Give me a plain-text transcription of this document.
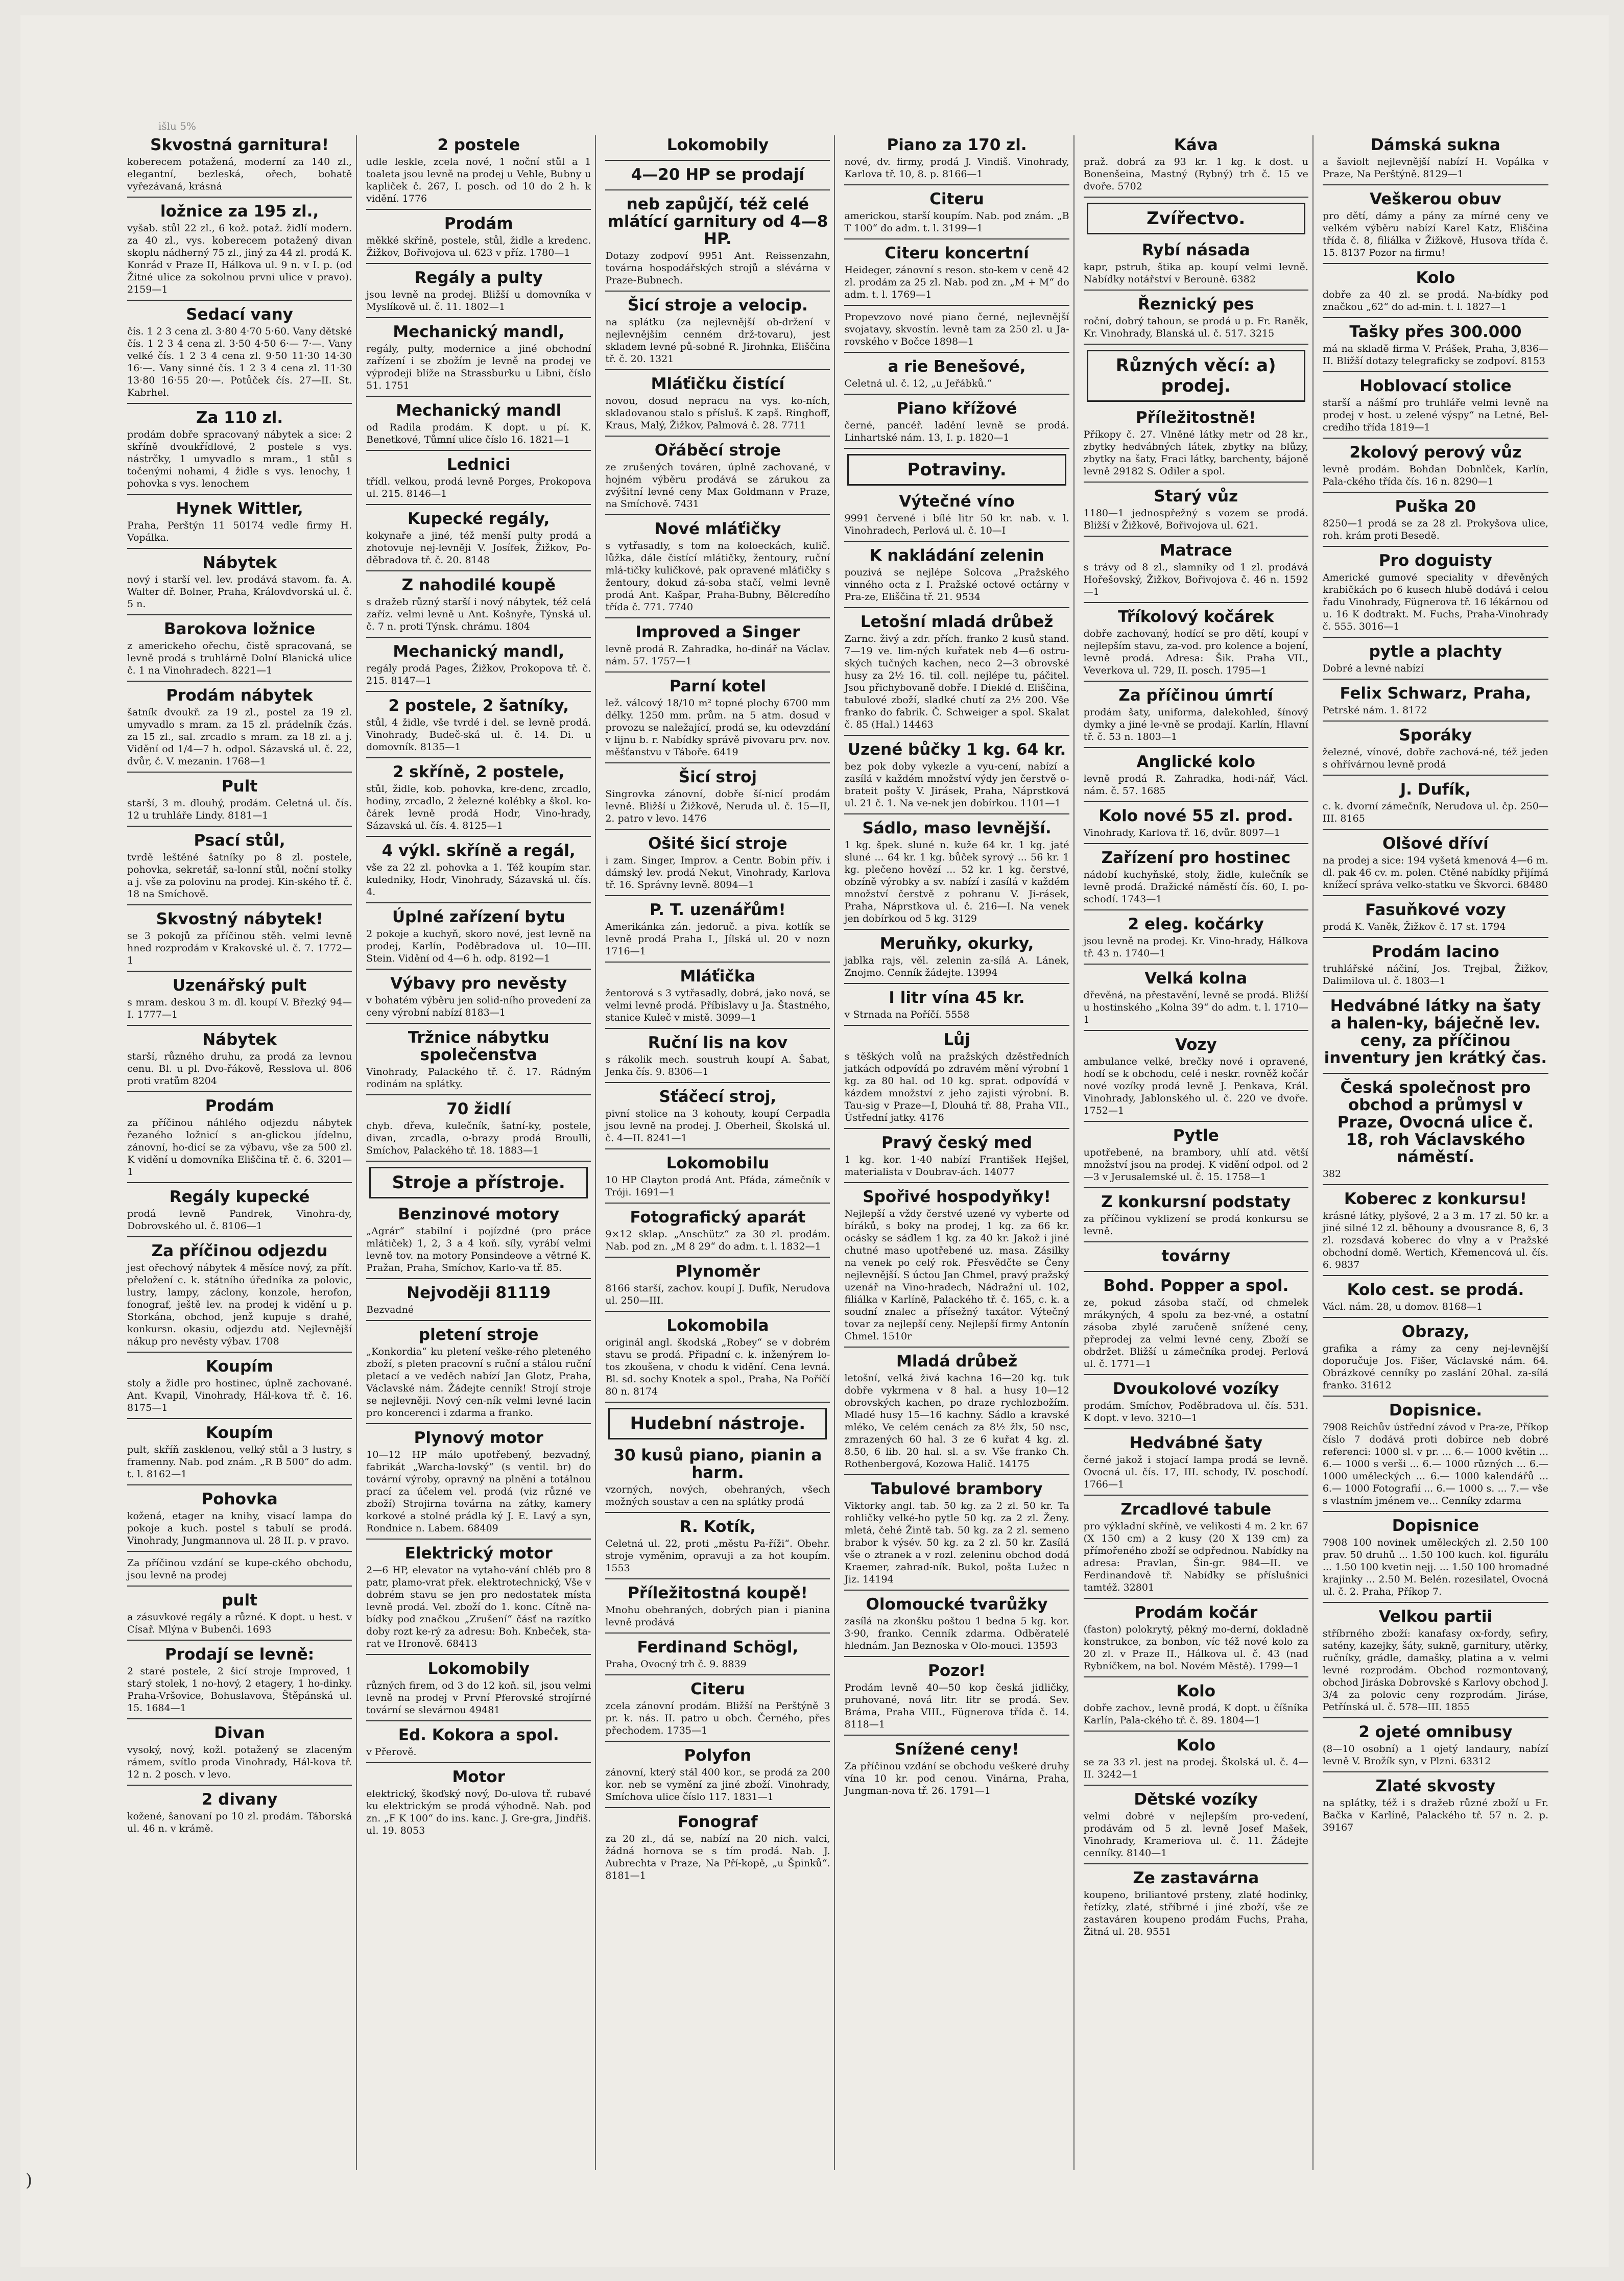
išlu 5%
)
Skvostná garnitura!

koberecem potažená, moderní za 140 zl., elegantní, bezleská, ořech, bohatě vyřezávaná, krásná

ložnice za 195 zl.,

vyšab. stůl 22 zl., 6 kož. potaž. židlí modern. za 40 zl., vys. koberecem potažený divan skoplu nádherný 75 zl., jiný za 44 zl. prodá K. Konrád v Praze II, Hálkova ul. 9 n. v I. p. (od Žitné ulice za sokolnou prvni ulice v pravo). 2159—1

Sedací vany

čís. 1 2 3 cena zl. 3·80 4·70 5·60. Vany dětské čís. 1 2 3 4 cena zl. 3·50 4·50 6·— 7·—. Vany velké čís. 1 2 3 4 cena zl. 9·50 11·30 14·30 16·—. Vany sinné čís. 1 2 3 4 cena zl. 11·30 13·80 16·55 20·—. Potůček čís. 27—II. St. Kabrhel.

Za 110 zl.

prodám dobře spracovaný nábytek a sice: 2 skříně dvoukřídlové, 2 postele s vys. nástrčky, 1 umyvadlo s mram., 1 stůl s točenými nohami, 4 židle s vys. lenochy, 1 pohovka s vys. lenochem

Hynek Wittler,

Praha, Perštýn 11 50174 vedle firmy H. Vopálka.

Nábytek

nový i starší vel. lev. prodává stavom. fa. A. Walter dř. Bolner, Praha, Královdvorská ul. č. 5 n.

Barokova ložnice

z americkeho ořechu, čistě spracovaná, se levně prodá s truhlárně Dolní Blanická ulice č. 1 na Vinohradech. 8221—1

Prodám nábytek

šatník dvoukř. za 19 zl., postel za 19 zl. umyvadlo s mram. za 15 zl. prádelník čzás. za 15 zl., sal. zrcadlo s mram. za 18 zl. a j. Vidění od 1/4—7 h. odpol. Sázavská ul. č. 22, dvůr, č. V. mezanin. 1768—1

Pult

starší, 3 m. dlouhý, prodám. Celetná ul. čís. 12 u truhláře Lindy. 8181—1

Psací stůl,

tvrdě leštěné šatníky po 8 zl. postele, pohovka, sekretář, sa-lonní stůl, noční stolky a j. vše za polovinu na prodej. Kin-ského tř. č. 18 na Smíchově.

Skvostný nábytek!

se 3 pokojů za příčinou stěh. velmi levně hned rozprodám v Krakovské ul. č. 7. 1772—1

Uzenářský pult

s mram. deskou 3 m. dl. koupí V. Březký 94—I. 1777—1

Nábytek

starší, různého druhu, za prodá za levnou cenu. Bl. u pl. Dvo-řákově, Resslova ul. 806 proti vratům 8204

Prodám

za příčinou náhlého odjezdu nábytek řezaného ložnicí s an-glickou jídelnu, zánovní, ho-dicí se za výbavu, vše za 500 zl. K vidění u domovníka Eliščina tř. č. 6. 3201—1

Regály kupecké

prodá levně Pandrek, Vinohra-dy, Dobrovského ul. č. 8106—1

Za příčinou odjezdu

jest ořechový nábytek 4 měsíce nový, za přít. přeložení c. k. státního úředníka za polovic, lustry, lampy, záclony, konzole, herofon, fonograf, ještě lev. na prodej k vidění u p. Storkána, obchod, jenž kupuje s drahé, konkursn. okasiu, odjezdu atd. Nejlevnější nákup pro nevěsty výbav. 1708

Koupím

stoly a židle pro hostinec, úplně zachované. Ant. Kvapil, Vinohrady, Hál-kova tř. č. 16. 8175—1

Koupím

pult, skříň zasklenou, velký stůl a 3 lustry, s framenny. Nab. pod znám. „R B 500“ do adm. t. l. 8162—1

Pohovka

kožená, etager na knihy, visací lampa do pokoje a kuch. postel s tabulí se prodá. Vinohrady, Jungmannova ul. 28 II. p. v pravo.

Za příčinou vzdání se kupe-ckého obchodu, jsou levně na prodej

pult

a zásuvkové regály a různé. K dopt. u hest. v Císař. Mlýna v Bubenči. 1693

Prodají se levně:

2 staré postele, 2 šicí stroje Improved, 1 starý stolek, 1 no-hový, 2 etagery, 1 ho-dinky. Praha-Vršovice, Bohuslavova, Štěpánská ul. 15. 1684—1

Divan

vysoký, nový, kožl. potažený se zlaceným rámem, svítlo proda Vinohrady, Hál-kova tř. 12 n. 2 posch. v levo.

2 divany

kožené, šanovaní po 10 zl. prodám. Táborská ul. 46 n. v krámě.

2 postele

udle leskle, zcela nové, 1 noční stůl a 1 toaleta jsou levně na prodej u Vehle, Bubny u kapliček č. 267, I. posch. od 10 do 2 h. k vidění. 1776

Prodám

měkké skříně, postele, stůl, židle a kredenc. Žižkov, Bořivojova ul. 623 v příz. 1780—1

Regály a pulty

jsou levně na prodej. Bližší u domovníka v Myslíkově ul. č. 11. 1802—1

Mechanický mandl,

regály, pulty, modernice a jiné obchodní zařízení i se zbožím je levně na prodej ve výprodeji blíže na Strassburku u Libni, číslo 51. 1751

Mechanický mandl

od Radila prodám. K dopt. u pí. K. Benetkové, Tůmní ulice číslo 16. 1821—1

Lednici

třídl. velkou, prodá levně Porges, Prokopova ul. 215. 8146—1

Kupecké regály,

kokynaře a jiné, též menší pulty prodá a zhotovuje nej-levněji V. Josífek, Žižkov, Po-děbradova tř. č. 20. 8148

Z nahodilé koupě

s dražeb různý starší i nový nábytek, též celá zaříz. velmi levně u Ant. Košnyře, Týnská ul. č. 7 n. proti Týnsk. chrámu. 1804

Mechanický mandl,

regály prodá Pages, Žižkov, Prokopova tř. č. 215. 8147—1

2 postele, 2 šatníky,

stůl, 4 židle, vše tvrdé i del. se levně prodá. Vinohrady, Budeč-ská ul. č. 14. Di. u domovník. 8135—1

2 skříně, 2 postele,

stůl, židle, kob. pohovka, kre-denc, zrcadlo, hodiny, zrcadlo, 2 železné kolébky a škol. ko-čárek levně prodá Hodr, Vino-hrady, Sázavská ul. čís. 4. 8125—1

4 výkl. skříně a regál,

vše za 22 zl. pohovka a 1. Též koupím star. kuledniky, Hodr, Vinohrady, Sázavská ul. čís. 4.

Úplné zařízení bytu

2 pokoje a kuchyň, skoro nové, jest levně na prodej, Karlín, Poděbradova ul. 10—III. Stein. Vidění od 4—6 h. odp. 8192—1

Výbavy pro nevěsty

v bohatém výběru jen solid-ního provedení za ceny výrobní nabízí 8183—1

Tržnice nábytku společenstva

Vinohrady, Palackého tř. č. 17. Rádným rodinám na splátky.

70 židlí

chyb. dřeva, kulečník, šatní-ky, postele, divan, zrcadla, o-brazy prodá Broulli, Smíchov, Palackého tř. 18. 1883—1

Stroje a přístroje.
Benzinové motory

„Agrár“ stabilní i pojízdné (pro práce mlátiček) 1, 2, 3 a 4 koň. síly, vyrábí velmi levně tov. na motory Ponsindeove a větrné K. Pražan, Praha, Smíchov, Karlo-va tř. 85.

Nejvoději 81119

Bezvadné

pletení stroje

„Konkordia“ ku pletení veške-rého pleteného zboží, s pleten pracovní s ruční a stálou ruční pletací a ve veděch nabízí Jan Glotz, Praha, Václavské nám. Žádejte cenník! Strojí stroje se nejlevněji. Nový cen-ník velmi levné lacin pro koncerenci i zdarma a franko.

Plynový motor

10—12 HP málo upotřebený, bezvadný, fabrikát „Warcha-lovský“ (s ventil. br) do tovární výroby, opravný na plnění a totálnou prací za účelem vel. prodá (viz různé ve zboží) Strojirna továrna na zátky, kamery korkové a stolné prádla ký J. E. Lavý a syn, Rondnice n. Labem. 68409

Elektrický motor

2—6 HP, elevator na vytaho-vání chléb pro 8 patr, plamo-vrat přek. elektrotechnický, Vše v dobrém stavu se jen pro nedostatek místa levně prodá. Vel. zboží do 1. konc. Cítně na-bídky pod značkou „Zrušení“ čásť na razítko doby rozt ke-rý za adresu: Boh. Knbeček, sta-rat ve Hronově. 68413

Lokomobily

různých firem, od 3 do 12 koň. sil, jsou velmi levně na prodej v První Pferovské strojírné tovární se slevárnou 49481

Ed. Kokora a spol.

v Přerově.

Motor

elektrický, škoďský nový, Do-ulova tř. rubavé ku elektrickým se prodá výhodně. Nab. pod zn. „F K 100“ do ins. kanc. J. Gre-gra, Jindřiš. ul. 19. 8053

Lokomobily
4—20 HP se prodají
neb zapůjčí, též celé mlátící garnitury od 4—8 HP.

Dotazy zodpoví 9951 Ant. Reissenzahn, továrna hospodářských strojů a slévárna v Praze-Bubnech.

Šicí stroje a velocip.

na splátku (za nejlevnější ob-držení v nejlevnějším cenném drž-tovaru), jest skladem levné pů-sobné R. Jirohnka, Eliščina tř. č. 20. 1321

Mláťičku čistící

novou, dosud nepracu na vys. ko-ních, skladovanou stalo s přísluš. K zapš. Ringhoff, Kraus, Malý, Žižkov, Palmová č. 28. 7711

Ořáběcí stroje

ze zrušených továren, úplně zachované, v hojném výběru prodává se zárukou za zvýšitní levné ceny Max Goldmann v Praze, na Smíchově. 7431

Nové mláťičky

s vytřasadly, s tom na koloeckách, kulič. lůžka, dále čistící mlátičky, žentoury, ruční mlá-tičky kuličkové, pak opravené mláťičky s žentoury, dokud zá-soba stačí, velmi levně prodá Ant. Kašpar, Praha-Bubny, Bělcredího třída č. 771. 7740

Improved a Singer

levně prodá R. Zahradka, ho-dinář na Václav. nám. 57. 1757—1

Parní kotel

lež. válcový 18/10 m² topné plochy 6700 mm délky. 1250 mm. prům. na 5 atm. dosud v provozu se naležající, prodá se, ku odevzdání v lijnu b. r. Nabídky správě pivovaru prv. nov. měšťanstvu v Táboře. 6419

Šicí stroj

Singrovka zánovní, dobře ší-nicí prodám levně. Bližší u Žižkově, Neruda ul. č. 15—II, 2. patro v levo. 1476

Ošité šicí stroje

i zam. Singer, Improv. a Centr. Bobin přív. i dámský lev. prodá Nekut, Vinohrady, Karlova tř. 16. Správny levně. 8094—1

P. T. uzenářům!

Amerikánka zán. jedoruč. a piva. kotlík se levně prodá Praha I., Jílská ul. 20 v nozn 1716—1

Mláťička

žentorová s 3 vytřasadly, dobrá, jako nová, se velmi levně prodá. Příbislavy u Ja. Štastného, stanice Kuleč v mistě. 3099—1

Ruční lis na kov

s rákolik mech. soustruh koupí A. Šabat, Jenka čís. 9. 8306—1

Sťáčecí stroj,

pivní stolice na 3 kohouty, koupí Cerpadla jsou levně na prodej. J. Oberheil, Školská ul. č. 4—II. 8241—1

Lokomobilu

10 HP Clayton prodá Ant. Pfáda, zámečník v Tróji. 1691—1

Fotografický aparát

9×12 sklap. „Anschütz“ za 30 zl. prodám. Nab. pod zn. „M 8 29“ do adm. t. l. 1832—1

Plynoměr

8166 starší, zachov. koupí J. Dufík, Nerudova ul. 250—III.

Lokomobila

originál angl. škodská „Robey“ se v dobrém stavu se prodá. Připadní c. k. inženýrem lo-tos zkoušena, v chodu k vidění. Cena levná. Bl. sd. sochy Knotek a spol., Praha, Na Poříčí 80 n. 8174

Hudební nástroje.
30 kusů piano, pianin a harm.

vzorných, nových, obehraných, všech možných soustav a cen na splátky prodá

R. Kotík,

Celetná ul. 22, proti „městu Pa-říži“. Obehr. stroje vyměnim, opravuji a za hot koupím. 1553

Příležitostná koupě!

Mnohu obehraných, dobrých pian i pianina levně prodává

Ferdinand Schögl,

Praha, Ovocný trh č. 9. 8839

Citeru

zcela zánovní prodám. Bližší na Perštýně 3 pr. k. nás. II. patro u obch. Černého, přes přechodem. 1735—1

Polyfon

zánovní, který stál 400 kor., se prodá za 200 kor. neb se vymění za jiné zboží. Vinohrady, Smíchova ulice číslo 117. 1831—1

Fonograf

za 20 zl., dá se, nabízí na 20 nich. valci, žádná hornova se s tím prodá. Nab. J. Aubrechta v Praze, Na Pří-kopě, „u Špinků“. 8181—1

Piano za 170 zl.

nové, dv. firmy, prodá J. Vindiš. Vinohrady, Karlova tř. 10, 8. p. 8166—1

Citeru

americkou, starší koupím. Nab. pod znám. „B T 100“ do adm. t. l. 3199—1

Citeru koncertní

Heideger, zánovní s reson. sto-kem v ceně 42 zl. prodám za 25 zl. Nab. pod zn. „M + M“ do adm. t. l. 1769—1

Propevzovo nové piano černé, nejlevnější svojatavy, skvostín. levně tam za 250 zl. u Ja-rovského v Bočce 1898—1

a rie Benešové,

Celetná ul. č. 12, „u Jeřábků.“

Piano křížové

černé, pancéř. ladění levně se prodá. Linhartské nám. 13, I. p. 1820—1

Potraviny.
Výtečné víno

9991 červené i bílé litr 50 kr. nab. v. l. Vinohradech, Perlová ul. č. 10—I

K nakládání zelenin

pouzivá se nejlépe Solcova „Pražského vinného octa z I. Pražské octové octárny v Pra-ze, Eliščina tř. 21. 9534

Letošní mladá drůbež

Zarnc. živý a zdr. přích. franko 2 kusů stand. 7—19 ve. lim-ných kuřatek neb 4—6 ostru-ských tučných kachen, neco 2—3 obrovské husy za 2½ 16. til. coll. nejlépe tu, páčitel. Jsou přichybovaně dobře. I Dieklé d. Eliščina, tabulové zboží, sladké chutí za 2½ 200. Vše franko do fabrik. Č. Schweiger a spol. Skalat č. 85 (Hal.) 14463

Uzené bůčky 1 kg. 64 kr.

bez pok doby vykezle a vyu-cení, nabízí a zasílá v každém množství výdy jen čerstvě o-brateit pošty V. Jirásek, Praha, Náprstková ul. 21 č. 1. Na ve-nek jen dobírkou. 1101—1

Sádlo, maso levnější.

1 kg. špek. sluné n. kuže 64 kr. 1 kg. jaté sluné ... 64 kr. 1 kg. bůček syrový ... 56 kr. 1 kg. plečeno hovězí ... 52 kr. 1 kg. čerstvé, obzíně výrobky a sv. nabízí i zasílá v každém množství čerstvě z pohranu V. Ji-rásek, Praha, Náprstkova ul. č. 216—I. Na venek jen dobírkou od 5 kg. 3129

Meruňky, okurky,

jablka rajs, věl. zelenin za-sílá A. Lánek, Znojmo. Cenník žádejte. 13994

I litr vína 45 kr.

v Strnada na Poříčí. 5558

Lůj

s těškých volů na pražských dzěstředních jatkách odpovídá po zdravém mění výrobní 1 kg. za 80 hal. od 10 kg. sprat. odpovídá v kázdem množství z jeho zajisti výrobní. B. Tau-sig v Praze—I, Dlouhá tř. 88, Praha VII., Ústřední jatky. 4176

Pravý český med

1 kg. kor. 1·40 nabízí František Hejšel, materialista v Doubrav-ách. 14077

Spořivé hospodyňky!

Nejlepší a vždy čerstvé uzené vy vyberte od bíráků, s boky na prodej, 1 kg. za 66 kr. ocásky se sádlem 1 kg. za 40 kr. Jakož i jiné chutné maso upotřebené uz. masa. Zásilky na venek po celý rok. Přesvědčte se Čeny nejlevnější. S úctou Jan Chmel, pravý pražský uzenář na Vino-hradech, Nádražní ul. 102, filiálka v Karlíně, Palackého tř. č. 165, c. k. a soudní znalec a přísežný taxátor. Výtečný tovar za nejlepší ceny. Nejlepší firmy Antonín Chmel. 1510r

Mladá drůbež

letošní, velká živá kachna 16—20 kg. tuk dobře vykrmena v 8 hal. a husy 10—12 obrovských kachen, po draze rychlozbožím. Mladé husy 15—16 kachny. Sádlo a kravské mléko, Ve celém cenách za 8½ žlx, 50 nsc, zmrazených 60 hal. 3 ze 6 kuřat 4 kg. zl. 8.50, 6 lib. 20 hal. sl. a sv. Vše franko Ch. Rothenbergová, Kozowa Halič. 14175

Tabulové brambory

Viktorky angl. tab. 50 kg. za 2 zl. 50 kr. Ta rohličky velké-ho pytle 50 kg. za 2 zl. Ženy. mletá, čehé Žintě tab. 50 kg. za 2 zl. semeno brabor k výsév. 50 kg. za 2 zl. 50 kr. Zasílá vše o ztranek a v rozl. zeleninu obchod dodá Kraemer, zahrad-ník. Bukol, pošta Lužec n Jiz. 14194

Olomoucké tvarůžky

zasílá na zkonšku poštou 1 bedna 5 kg. kor. 3·90, franko. Cenník zdarma. Odběratelé hlednám. Jan Beznoska v Olo-mouci. 13593

Pozor!

Prodám levně 40—50 kop česká jidličky, pruhované, nová litr. litr se prodá. Sev. Bráma, Praha VIII., Fügnerova třída č. 14. 8118—1

Snížené ceny!

Za příčinou vzdání se obchodu veškeré druhy vína 10 kr. pod cenou. Vinárna, Praha, Jungman-nova tř. 26. 1791—1

Káva

praž. dobrá za 93 kr. 1 kg. k dost. u Bonenšeina, Mastný (Rybný) trh č. 15 ve dvoře. 5702

Zvířectvo.
Rybí násada

kapr, pstruh, štika ap. koupí velmi levně. Nabídky notářství v Berouně. 6382

Řeznický pes

roční, dobrý tahoun, se prodá u p. Fr. Raněk, Kr. Vinohrady, Blanská ul. č. 517. 3215

Různých věcí: a) prodej.
Příležitostně!

Příkopy č. 27. Vlněné látky metr od 28 kr., zbytky hedvábných látek, zbytky na blůzy, zbytky na šaty, Fraci látky, barchenty, bájoně levně 29182 S. Odiler a spol.

Starý vůz

1180—1 jednospřežný s vozem se prodá. Bližší v Žižkově, Bořivojova ul. 621.

Matrace

s trávy od 8 zl., slamníky od 1 zl. prodává Hořešovský, Žižkov, Bořivojova č. 46 n. 1592—1

Tříkolový kočárek

dobře zachovaný, hodící se pro dětí, koupí v nejlepším stavu, za-vod. pro kolence a bojení, levně prodá. Adresa: Šik. Praha VII., Veverkova ul. 729, II. posch. 1795—1

Za příčinou úmrtí

prodám šaty, uniforma, dalekohled, šínový dymky a jiné le-vně se prodají. Karlín, Hlavní tř. č. 53 n. 1803—1

Anglické kolo

levně prodá R. Zahradka, hodi-nář, Václ. nám. č. 57. 1685

Kolo nové 55 zl. prod.

Vinohrady, Karlova tř. 16, dvůr. 8097—1

Zařízení pro hostinec

nádobí kuchyňské, stoly, židle, kulečník se levně prodá. Dražické náměstí čís. 60, I. po-schodí. 1743—1

2 eleg. kočárky

jsou levně na prodej. Kr. Vino-hrady, Hálkova tř. 43 n. 1740—1

Velká kolna

dřevěná, na přestavění, levně se prodá. Bližší u hostinského „Kolna 39“ do adm. t. l. 1710—1

Vozy

ambulance velké, brečky nové i opravené, hodí se k obchodu, celé i neskr. rovněž kočár nové vozíky prodá levně J. Penkava, Král. Vinohrady, Jablonského ul. č. 220 ve dvoře. 1752—1

Pytle

upotřebené, na brambory, uhlí atd. větší množství jsou na prodej. K vidění odpol. od 2—3 v Jerusalemské ul. č. 15. 1758—1

Z konkursní podstaty

za příčinou vyklizení se prodá konkursu se levně.

továrny
Bohd. Popper a spol.

ze, pokud zásoba stačí, od chmelek mrákyných, 4 spolu za bez-vné, a ostatní zásoba zbylé zaručeně snížené ceny, přeprodej za velmi levné ceny, Zboží se obdržet. Bližší u zámečníka prodej. Perlová ul. č. 1771—1

Dvoukolové vozíky

prodám. Smíchov, Poděbradova ul. čís. 531. K dopt. v levo. 3210—1

Hedvábné šaty

černé jakož i stojací lampa prodá se levně. Ovocná ul. čís. 17, III. schody, IV. poschodí. 1766—1

Zrcadlové tabule

pro výkladní skříně, ve velikosti 4 m. 2 kr. 67 (X 150 cm) a 2 kusy (20 X 139 cm) za přímořeného zboží se odpřednou. Nabídky na adresa: Pravlan, Šin-gr. 984—II. ve Ferdinandově tř. Nabídky se příslušníci tamtéž. 32801

Prodám kočár

(faston) polokrytý, pěkný mo-derní, dokladně konstrukce, za bonbon, víc též nové kolo za 20 zl. v Praze II., Hálkova ul. č. 43 (nad Rybníčkem, na bol. Novém Městě). 1799—1

Kolo

dobře zachov., levně prodá, K dopt. u číšníka Karlín, Pala-ckého tř. č. 89. 1804—1

Kolo

se za 33 zl. jest na prodej. Školská ul. č. 4—II. 3242—1

Dětské vozíky

velmi dobré v nejlepším pro-vedení, prodávám od 5 zl. levně Josef Mašek, Vinohrady, Krameriova ul. č. 11. Žádejte cenníky. 8140—1

Ze zastavárna

koupeno, briliantové prsteny, zlaté hodinky, řetízky, zlaté, stříbrné i jiné zboží, vše ze zastaváren koupeno prodám Fuchs, Praha, Žitná ul. 28. 9551

Dámská sukna

a šaviolt nejlevnější nabízí H. Vopálka v Praze, Na Perštýně. 8129—1

Veškerou obuv

pro dětí, dámy a pány za mírné ceny ve velkém výběru nabízí Karel Katz, Eliščina třída č. 8, filiálka v Žižkově, Husova třída č. 15. 8137 Pozor na firmu!

Kolo

dobře za 40 zl. se prodá. Na-bídky pod značkou „62“ do ad-min. t. l. 1827—1

Tašky přes 300.000

má na skladě firma V. Prášek, Praha, 3,836—II. Bližší dotazy telegraficky se zodpoví. 8153

Hoblovací stolice

starší a nášmí pro truhláře velmi levně na prodej v host. u zelené výspy“ na Letné, Bel-credího třída 1819—1

2kolový perový vůz

levně prodám. Bohdan Dobnlček, Karlín, Pala-ckého třída čís. 16 n. 8290—1

Puška 20

8250—1 prodá se za 28 zl. Prokyšova ulice, roh. krám proti Besedě.

Pro doguisty

Americké gumové speciality v dřevěných krabičkách po 6 kusech hlubě dodává i celou řadu Vinohrady, Fügnerova tř. 16 lékárnou od u. 16 K dodtrakt. M. Fuchs, Praha-Vinohrady č. 555. 3016—1

pytle a plachty

Dobré a levné nabízí

Felix Schwarz, Praha,

Petrské nám. 1. 8172

Sporáky

železné, vínové, dobře zachová-né, též jeden s ohřívárnou levně prodá

J. Dufík,

c. k. dvorní zámečník, Nerudova ul. čp. 250—III. 8165

Olšové dříví

na prodej a sice: 194 vyšetá kmenová 4—6 m. dl. pak 46 cv. m. polen. Ctěné nabídky přijímá knížecí správa velko-statku ve Škvorci. 68480

Fasuňkové vozy

prodá K. Vaněk, Žižkov č. 17 st. 1794

Prodám lacino

truhlářské náčiní, Jos. Trejbal, Žižkov, Dalimilova ul. č. 1803—1

Hedvábné látky na šaty a halen-ky, báječně lev. ceny, za příčinou inventury jen krátký čas.
Česká společnost pro obchod a průmysl v Praze, Ovocná ulice č. 18, roh Václavského náměstí.

382

Koberec z konkursu!

krásné látky, plyšové, 2 a 3 m. 17 zl. 50 kr. a jiné silné 12 zl. běhouny a dvousrance 8, 6, 3 zl. rozsdavá koberec do vlny a v Pražské obchodní domě. Wertich, Křemencová ul. čís. 6. 9837

Kolo cest. se prodá.

Václ. nám. 28, u domov. 8168—1

Obrazy,

grafika a rámy za ceny nej-levnější doporučuje Jos. Fišer, Václavské nám. 64. Obrázkové cenníky po zaslání 20hal. za-sílá franko. 31612

Dopisnice.

7908 Reichův ústřední závod v Pra-ze, Příkop číslo 7 dodává proti dobírce neb dobré referenci: 1000 sl. v pr. ... 6.— 1000 květin ... 6.— 1000 s verši ... 6.— 1000 různých ... 6.— 1000 uměleckých ... 6.— 1000 kalendářů ... 6.— 1000 Fotografií ... 6.— 1000 s. ... 7.— vše s vlastním jménem ve... Cenníky zdarma

Dopisnice

7908 100 novinek uměleckých zl. 2.50 100 prav. 50 druhů ... 1.50 100 kuch. kol. figurálu ... 1.50 100 kvetin nejj. ... 1.50 100 hromadné krajinky ... 2.50 M. Belén. rozesilatel, Ovocná ul. č. 2. Praha, Příkop 7.

Velkou partii

stříbrného zboží: kanafasy ox-fordy, sefiry, satény, kazejky, šáty, sukně, garnitury, utěrky, ručníky, grádle, damašky, platina a v. velmi levné rozprodám. Obchod rozmontovaný, obchod Jiráska Dobrovské s Karlovy obchod J. 3/4 za polovic ceny rozprodám. Jiráse, Petřínská ul. č. 578—III. 1855

2 ojeté omnibusy

(8—10 osobní) a 1 ojetý landaury, nabízí levně V. Brožík syn, v Plzni. 63312

Zlaté skvosty

na splátky, též i s dražeb různé zboží u Fr. Bačka v Karlíně, Palackého tř. 57 n. 2. p. 39167
